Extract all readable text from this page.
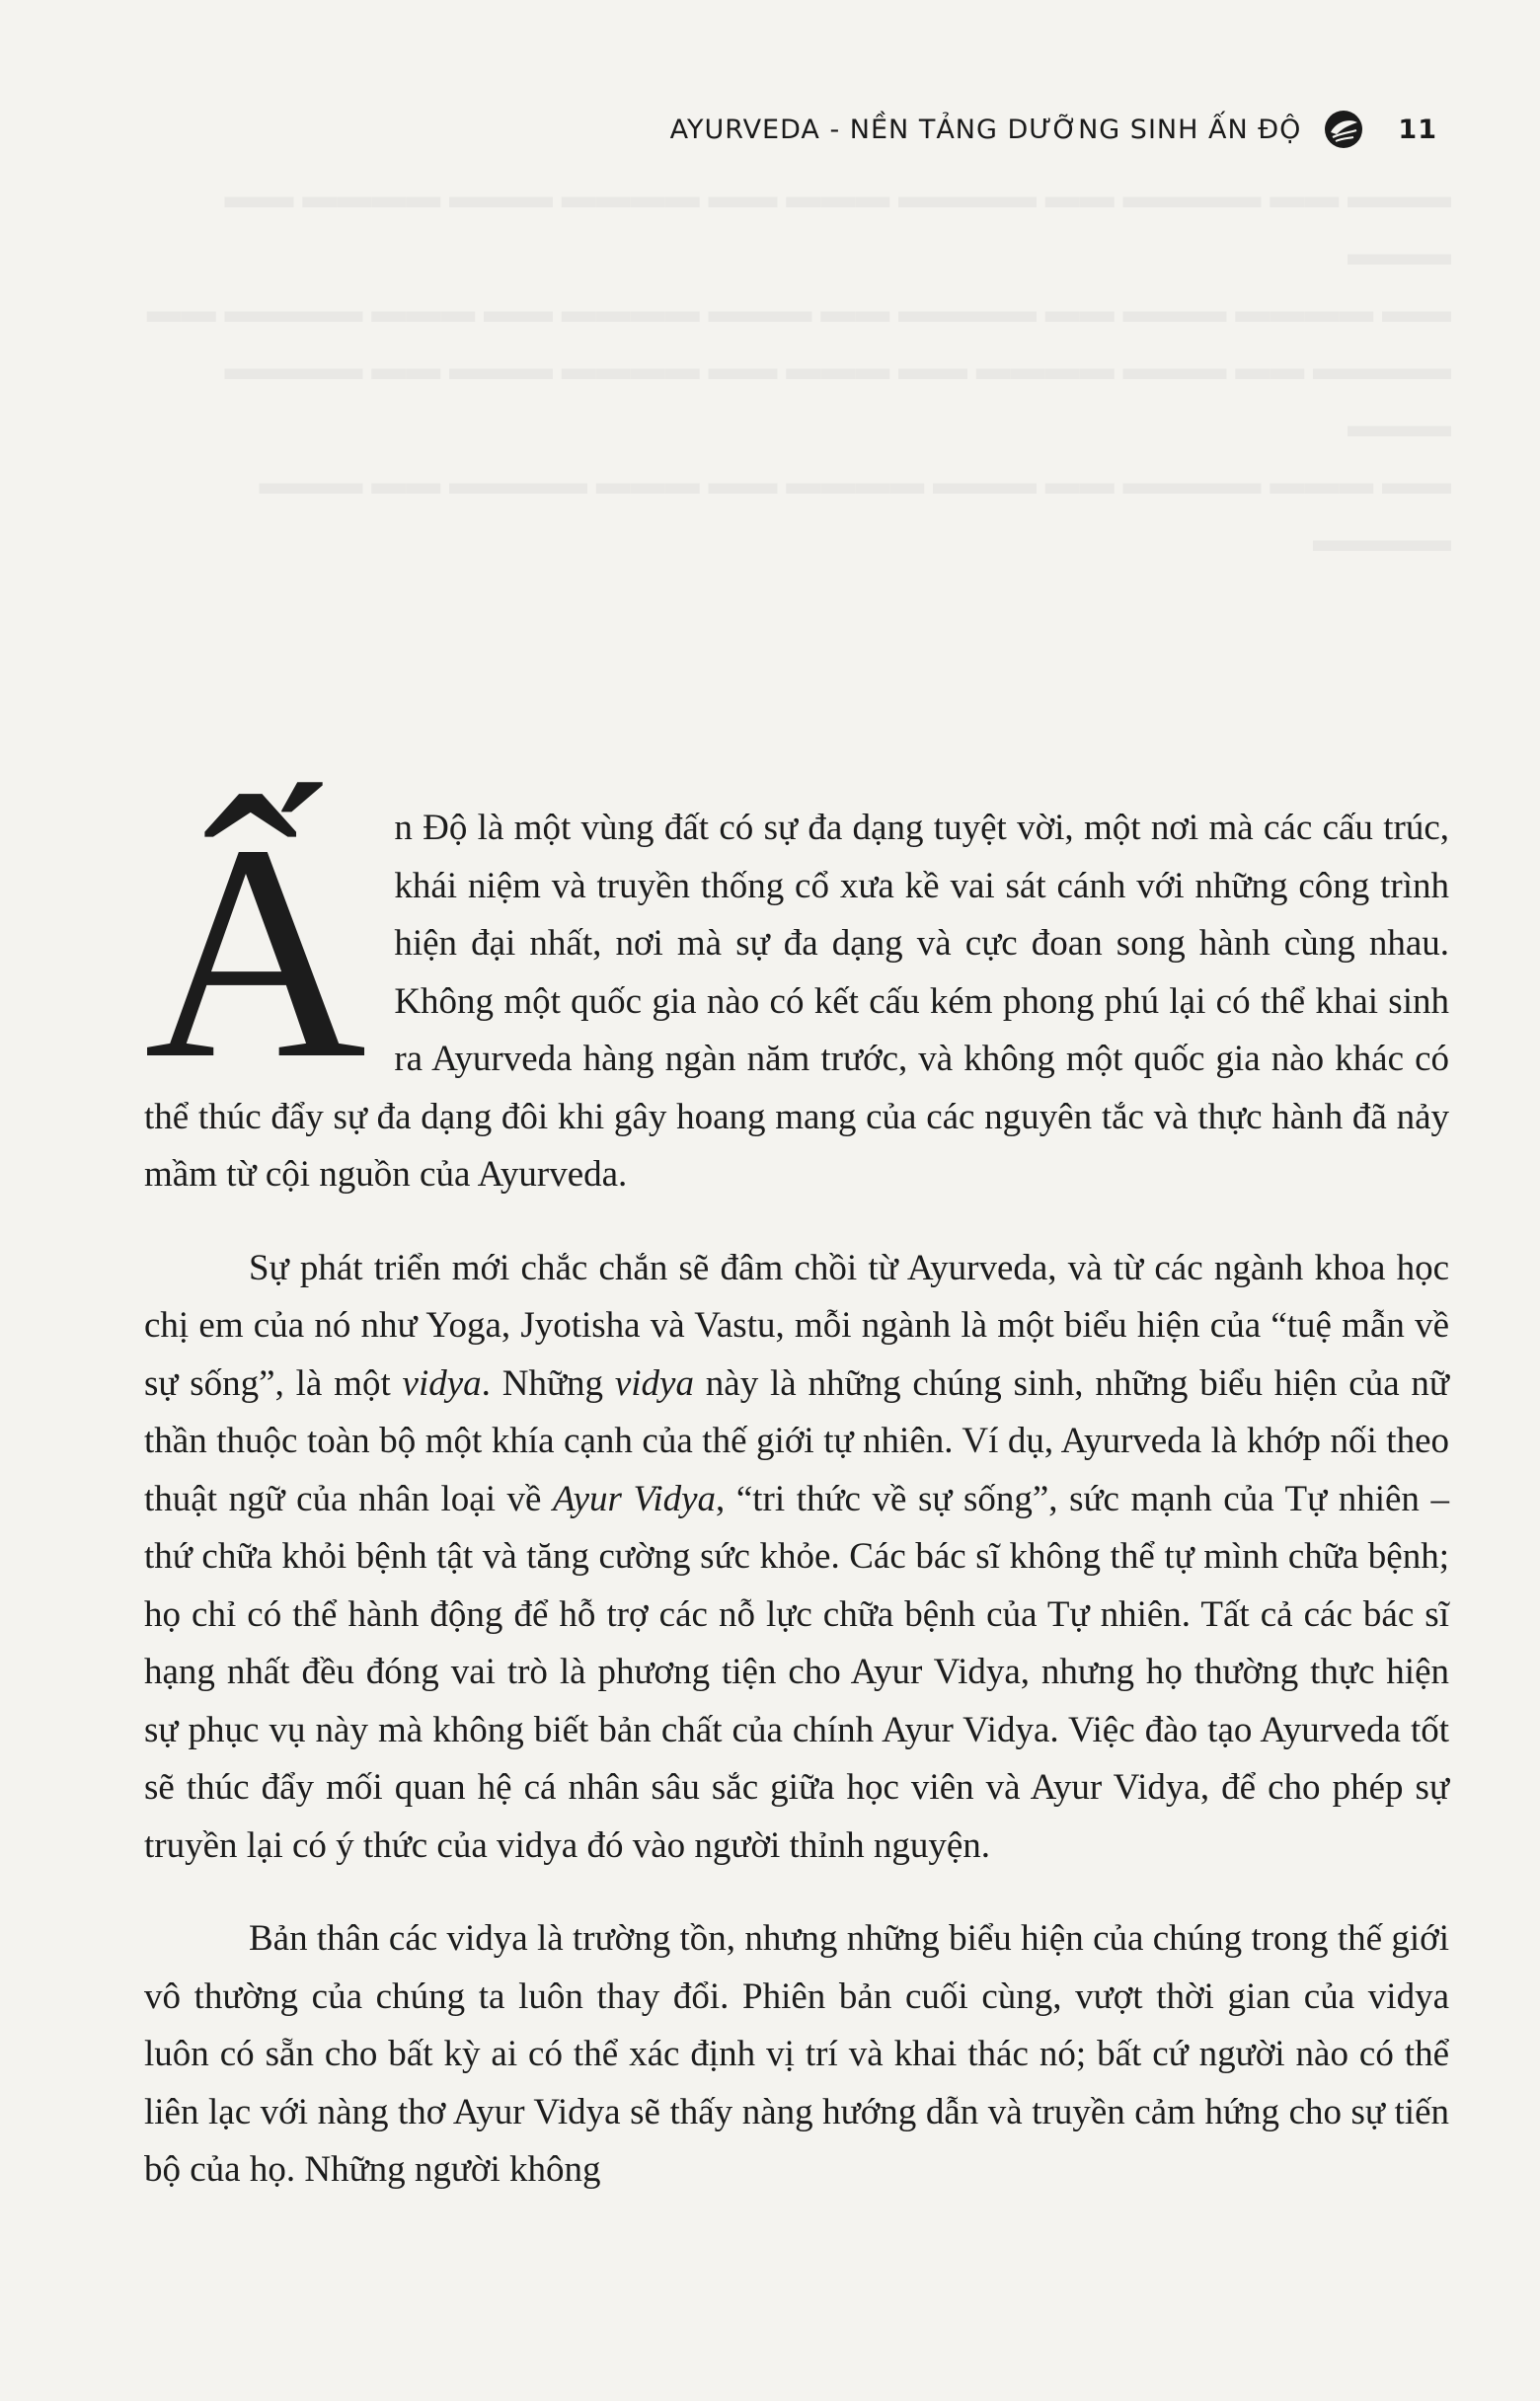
AYURVEDA - NỀN TẢNG DƯỠNG SINH ẤN ĐỘ	11

Ấn Độ là một vùng đất có sự đa dạng tuyệt vời, một nơi mà các cấu trúc, khái niệm và truyền thống cổ xưa kề vai sát cánh với những công trình hiện đại nhất, nơi mà sự đa dạng và cực đoan song hành cùng nhau. Không một quốc gia nào có kết cấu kém phong phú lại có thể khai sinh ra Ayurveda hàng ngàn năm trước, và không một quốc gia nào khác có thể thúc đẩy sự đa dạng đôi khi gây hoang mang của các nguyên tắc và thực hành đã nảy mầm từ cội nguồn của Ayurveda.

Sự phát triển mới chắc chắn sẽ đâm chồi từ Ayurveda, và từ các ngành khoa học chị em của nó như Yoga, Jyotisha và Vastu, mỗi ngành là một biểu hiện của “tuệ mẫn về sự sống”, là một vidya. Những vidya này là những chúng sinh, những biểu hiện của nữ thần thuộc toàn bộ một khía cạnh của thế giới tự nhiên. Ví dụ, Ayurveda là khớp nối theo thuật ngữ của nhân loại về Ayur Vidya, “tri thức về sự sống”, sức mạnh của Tự nhiên – thứ chữa khỏi bệnh tật và tăng cường sức khỏe. Các bác sĩ không thể tự mình chữa bệnh; họ chỉ có thể hành động để hỗ trợ các nỗ lực chữa bệnh của Tự nhiên. Tất cả các bác sĩ hạng nhất đều đóng vai trò là phương tiện cho Ayur Vidya, nhưng họ thường thực hiện sự phục vụ này mà không biết bản chất của chính Ayur Vidya. Việc đào tạo Ayurveda tốt sẽ thúc đẩy mối quan hệ cá nhân sâu sắc giữa học viên và Ayur Vidya, để cho phép sự truyền lại có ý thức của vidya đó vào người thỉnh nguyện.

Bản thân các vidya là trường tồn, nhưng những biểu hiện của chúng trong thế giới vô thường của chúng ta luôn thay đổi. Phiên bản cuối cùng, vượt thời gian của vidya luôn có sẵn cho bất kỳ ai có thể xác định vị trí và khai thác nó; bất cứ người nào có thể liên lạc với nàng thơ Ayur Vidya sẽ thấy nàng hướng dẫn và truyền cảm hứng cho sự tiến bộ của họ. Những người không
